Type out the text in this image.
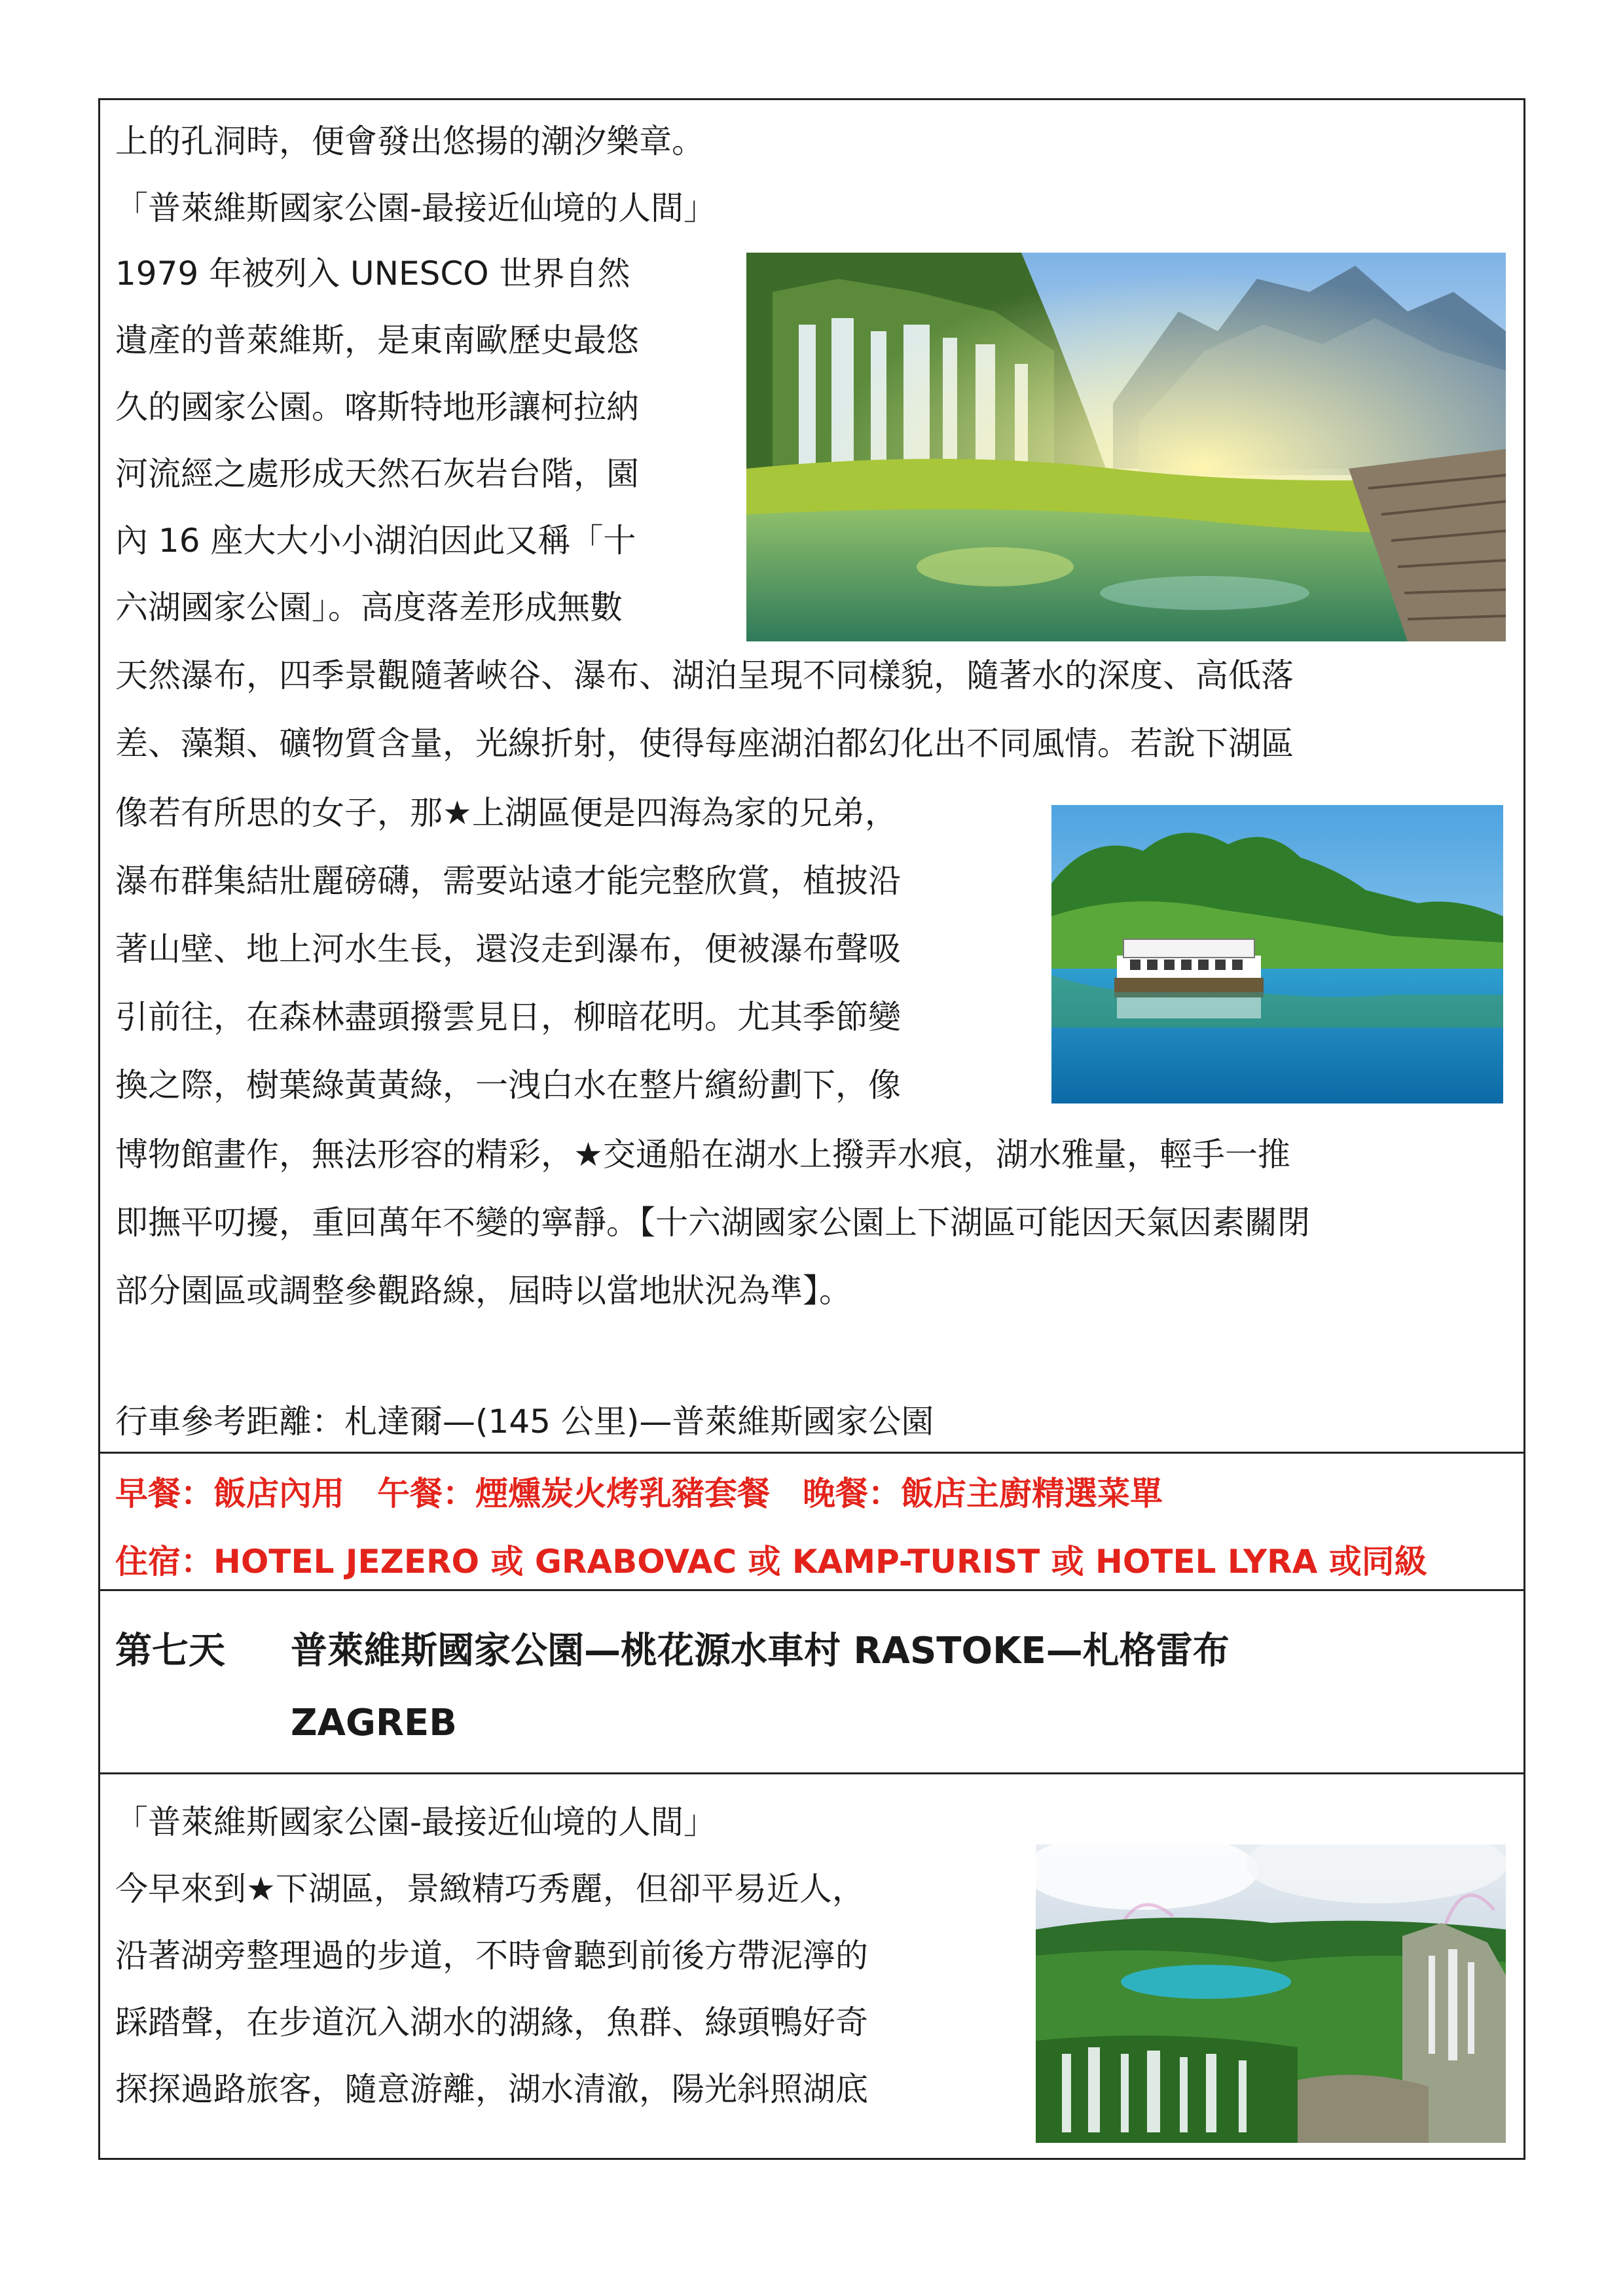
上的孔洞時，便會發出悠揚的潮汐樂章。
「普萊維斯國家公園-最接近仙境的人間」
1979 年被列入 UNESCO 世界自然
遺產的普萊維斯，是東南歐歷史最悠
久的國家公園。喀斯特地形讓柯拉納
河流經之處形成天然石灰岩台階，園
內 16 座大大小小湖泊因此又稱「十
六湖國家公園」。高度落差形成無數
天然瀑布，四季景觀隨著峽谷、瀑布、湖泊呈現不同樣貌，隨著水的深度、高低落
差、藻類、礦物質含量，光線折射，使得每座湖泊都幻化出不同風情。若說下湖區
像若有所思的女子，那★上湖區便是四海為家的兄弟，
瀑布群集結壯麗磅礴，需要站遠才能完整欣賞，植披沿
著山壁、地上河水生長，還沒走到瀑布，便被瀑布聲吸
引前往，在森林盡頭撥雲見日，柳暗花明。尤其季節變
換之際，樹葉綠黃黃綠，一洩白水在整片繽紛劃下，像
博物館畫作，無法形容的精彩，★交通船在湖水上撥弄水痕，湖水雅量，輕手一推
即撫平叨擾，重回萬年不變的寧靜。【十六湖國家公園上下湖區可能因天氣因素關閉
部分園區或調整參觀路線，屆時以當地狀況為準】。
行車參考距離：札達爾—(145 公里)—普萊維斯國家公園
早餐：飯店內用　午餐：煙燻炭火烤乳豬套餐　晚餐：飯店主廚精選菜單
住宿：HOTEL JEZERO 或 GRABOVAC 或 KAMP-TURIST 或 HOTEL LYRA 或同級
第七天 普萊維斯國家公園—桃花源水車村 RASTOKE—札格雷布
ZAGREB
「普萊維斯國家公園-最接近仙境的人間」
今早來到★下湖區，景緻精巧秀麗，但卻平易近人，
沿著湖旁整理過的步道，不時會聽到前後方帶泥濘的
踩踏聲，在步道沉入湖水的湖緣，魚群、綠頭鴨好奇
探探過路旅客，隨意游離，湖水清澈，陽光斜照湖底
